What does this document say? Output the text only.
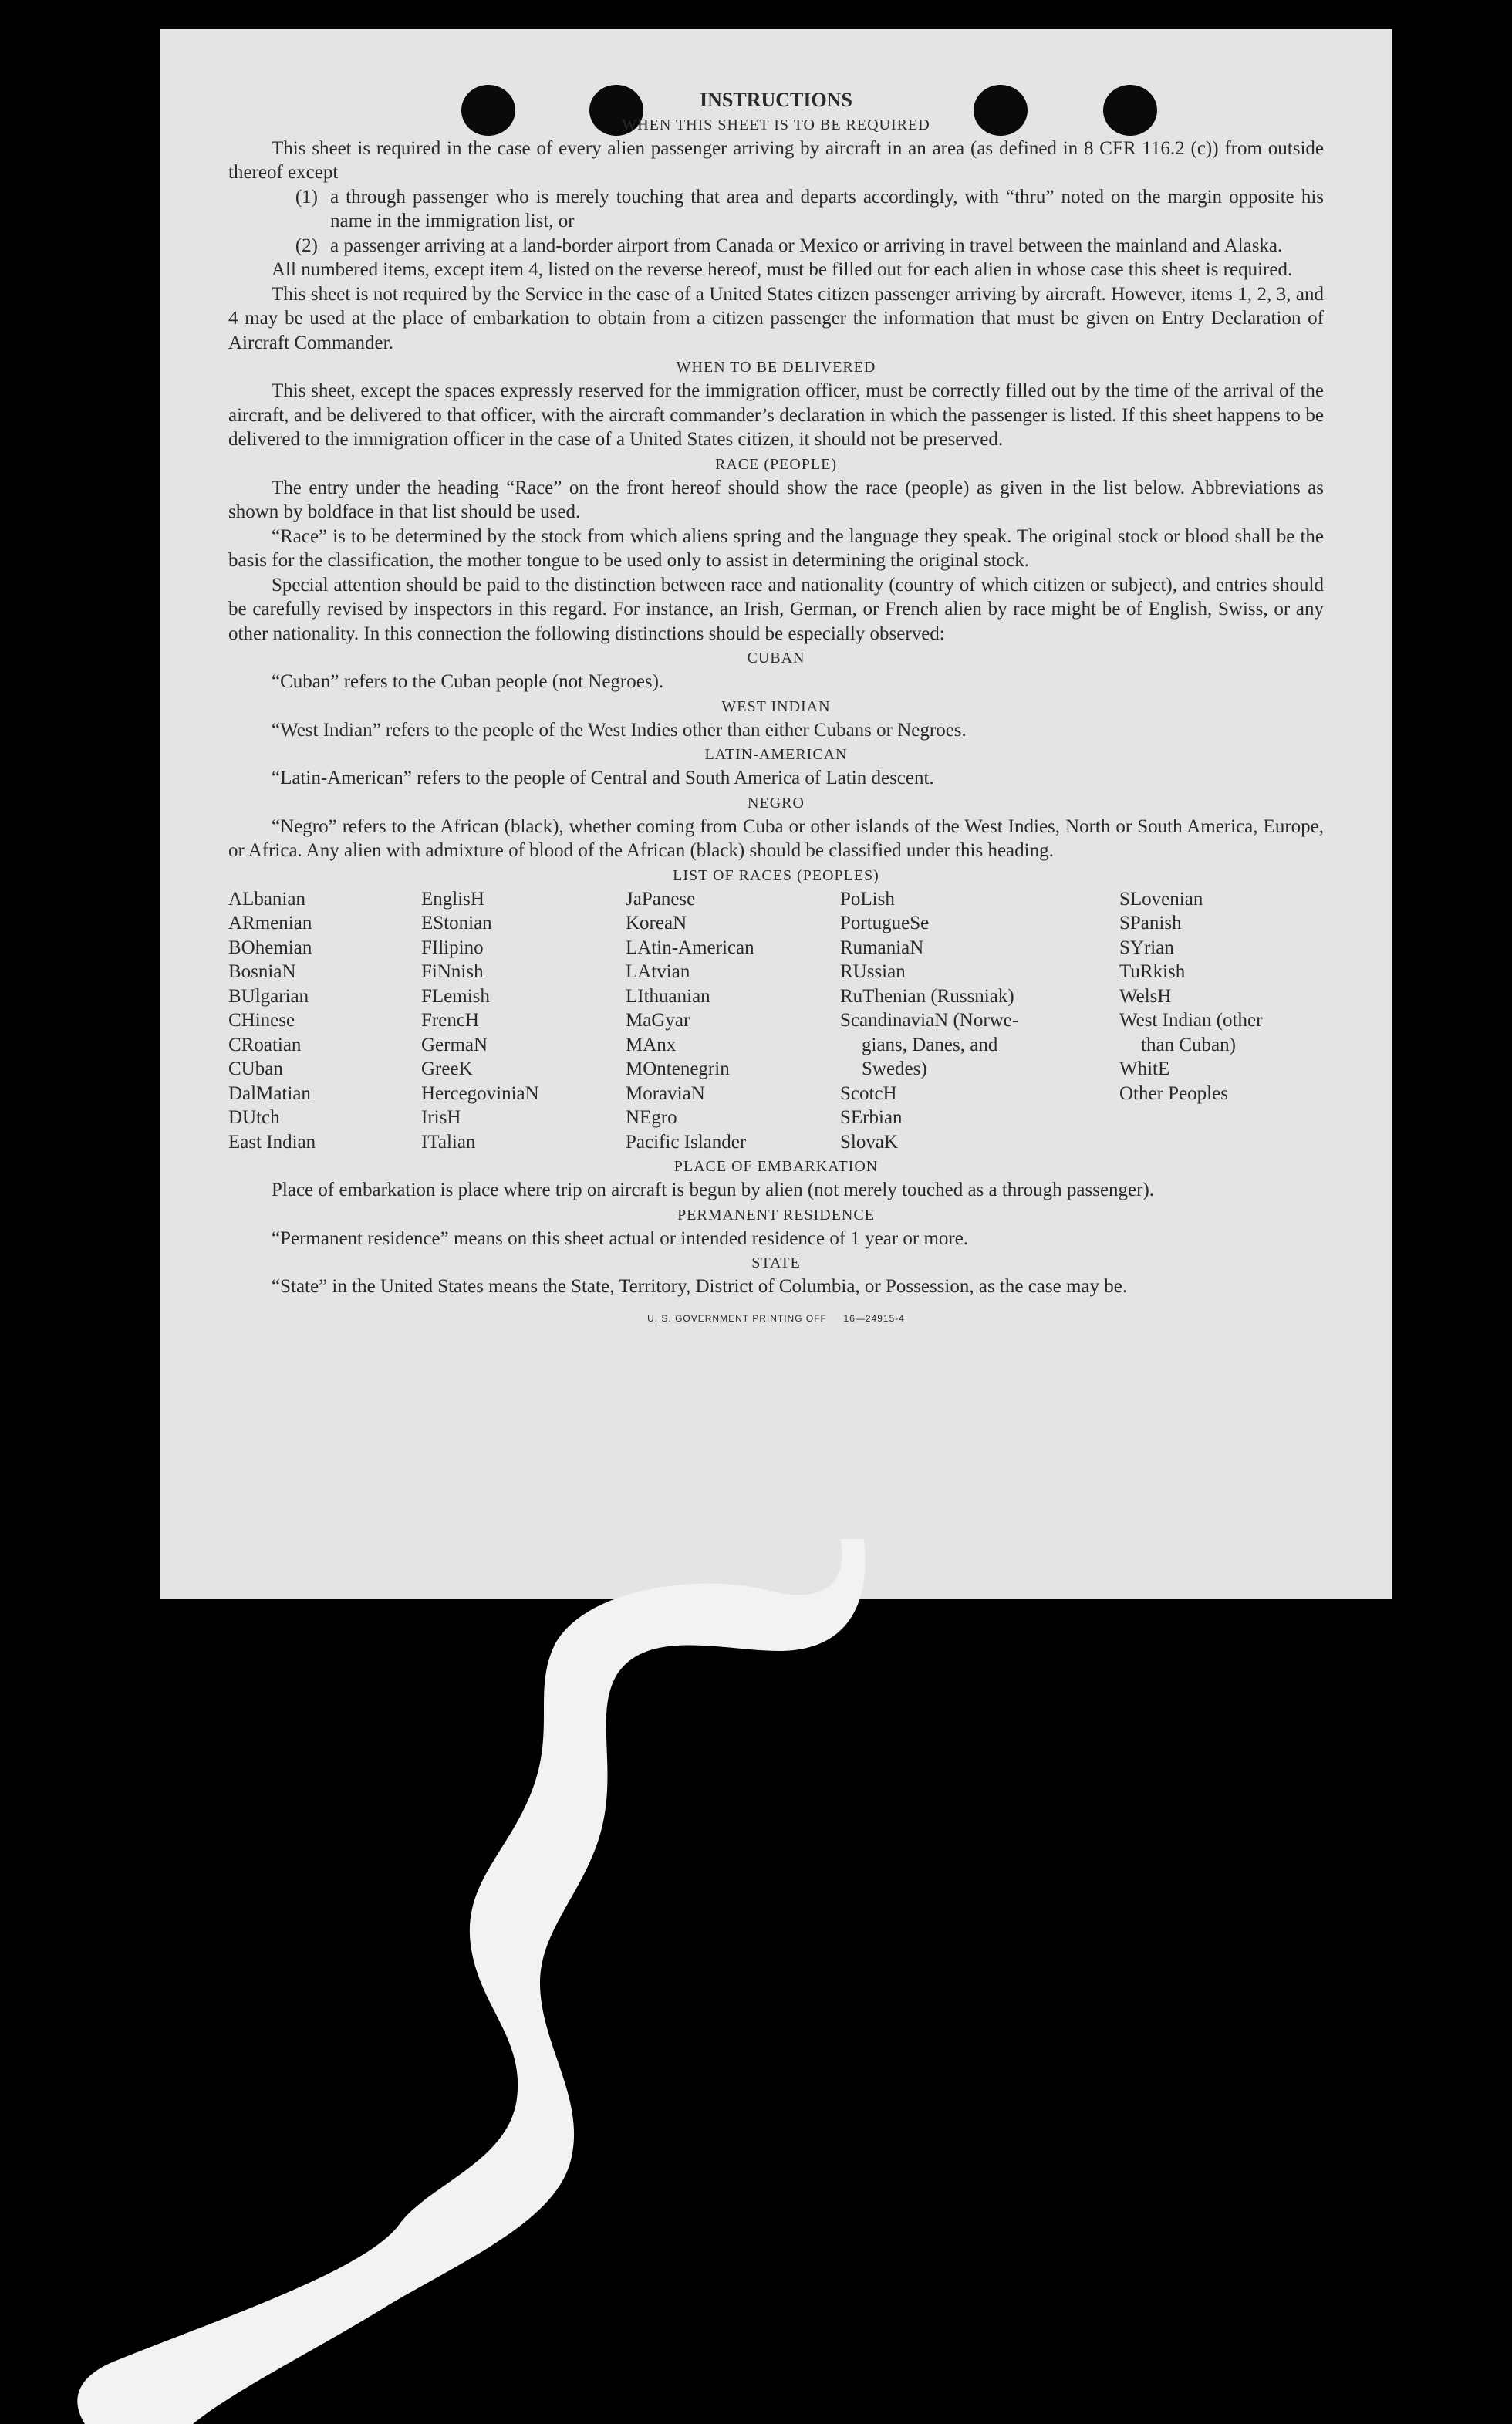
INSTRUCTIONS
WHEN THIS SHEET IS TO BE REQUIRED

This sheet is required in the case of every alien passenger arriving by aircraft in an area (as defined in 8 CFR 116.2 (c)) from outside thereof except

(1) a through passenger who is merely touching that area and departs accordingly, with “thru” noted on the margin opposite his name in the immigration list, or
(2) a passenger arriving at a land-border airport from Canada or Mexico or arriving in travel between the mainland and Alaska.

All numbered items, except item 4, listed on the reverse hereof, must be filled out for each alien in whose case this sheet is required.

This sheet is not required by the Service in the case of a United States citizen passenger arriving by aircraft. However, items 1, 2, 3, and 4 may be used at the place of embarkation to obtain from a citizen passenger the information that must be given on Entry Declaration of Aircraft Commander.

WHEN TO BE DELIVERED

This sheet, except the spaces expressly reserved for the immigration officer, must be correctly filled out by the time of the arrival of the aircraft, and be delivered to that officer, with the aircraft commander’s declaration in which the passenger is listed. If this sheet happens to be delivered to the immigration officer in the case of a United States citizen, it should not be preserved.

RACE (PEOPLE)

The entry under the heading “Race” on the front hereof should show the race (people) as given in the list below. Abbreviations as shown by boldface in that list should be used.

“Race” is to be determined by the stock from which aliens spring and the language they speak. The original stock or blood shall be the basis for the classification, the mother tongue to be used only to assist in determining the original stock.

Special attention should be paid to the distinction between race and nationality (country of which citizen or subject), and entries should be carefully revised by inspectors in this regard. For instance, an Irish, German, or French alien by race might be of English, Swiss, or any other nationality. In this connection the following distinctions should be especially observed:

CUBAN

“Cuban” refers to the Cuban people (not Negroes).

WEST INDIAN

“West Indian” refers to the people of the West Indies other than either Cubans or Negroes.

LATIN-AMERICAN

“Latin-American” refers to the people of Central and South America of Latin descent.

NEGRO

“Negro” refers to the African (black), whether coming from Cuba or other islands of the West Indies, North or South America, Europe, or Africa. Any alien with admixture of blood of the African (black) should be classified under this heading.

LIST OF RACES (PEOPLES)
ALbanian
ARmenian
BOhemian
BosniaN
BUlgarian
CHinese
CRoatian
CUban
DalMatian
DUtch
East Indian
EnglisH
EStonian
FIlipino
FiNnish
FLemish
FrencH
GermaN
GreeK
HercegoviniaN
IrisH
ITalian
JaPanese
KoreaN
LAtin-American
LAtvian
LIthuanian
MaGyar
MAnx
MOntenegrin
MoraviaN
NEgro
Pacific Islander
PoLish
PortugueSe
RumaniaN
RUssian
RuThenian (Russniak)
ScandinaviaN (Norwe-
gians, Danes, and
Swedes)
ScotcH
SErbian
SlovaK
SLovenian
SPanish
SYrian
TuRkish
WelsH
West Indian (other
than Cuban)
WhitE
Other Peoples
PLACE OF EMBARKATION

Place of embarkation is place where trip on aircraft is begun by alien (not merely touched as a through passenger).

PERMANENT RESIDENCE

“Permanent residence” means on this sheet actual or intended residence of 1 year or more.

STATE

“State” in the United States means the State, Territory, District of Columbia, or Possession, as the case may be.

U. S. GOVERNMENT PRINTING OFF     16—24915-4
